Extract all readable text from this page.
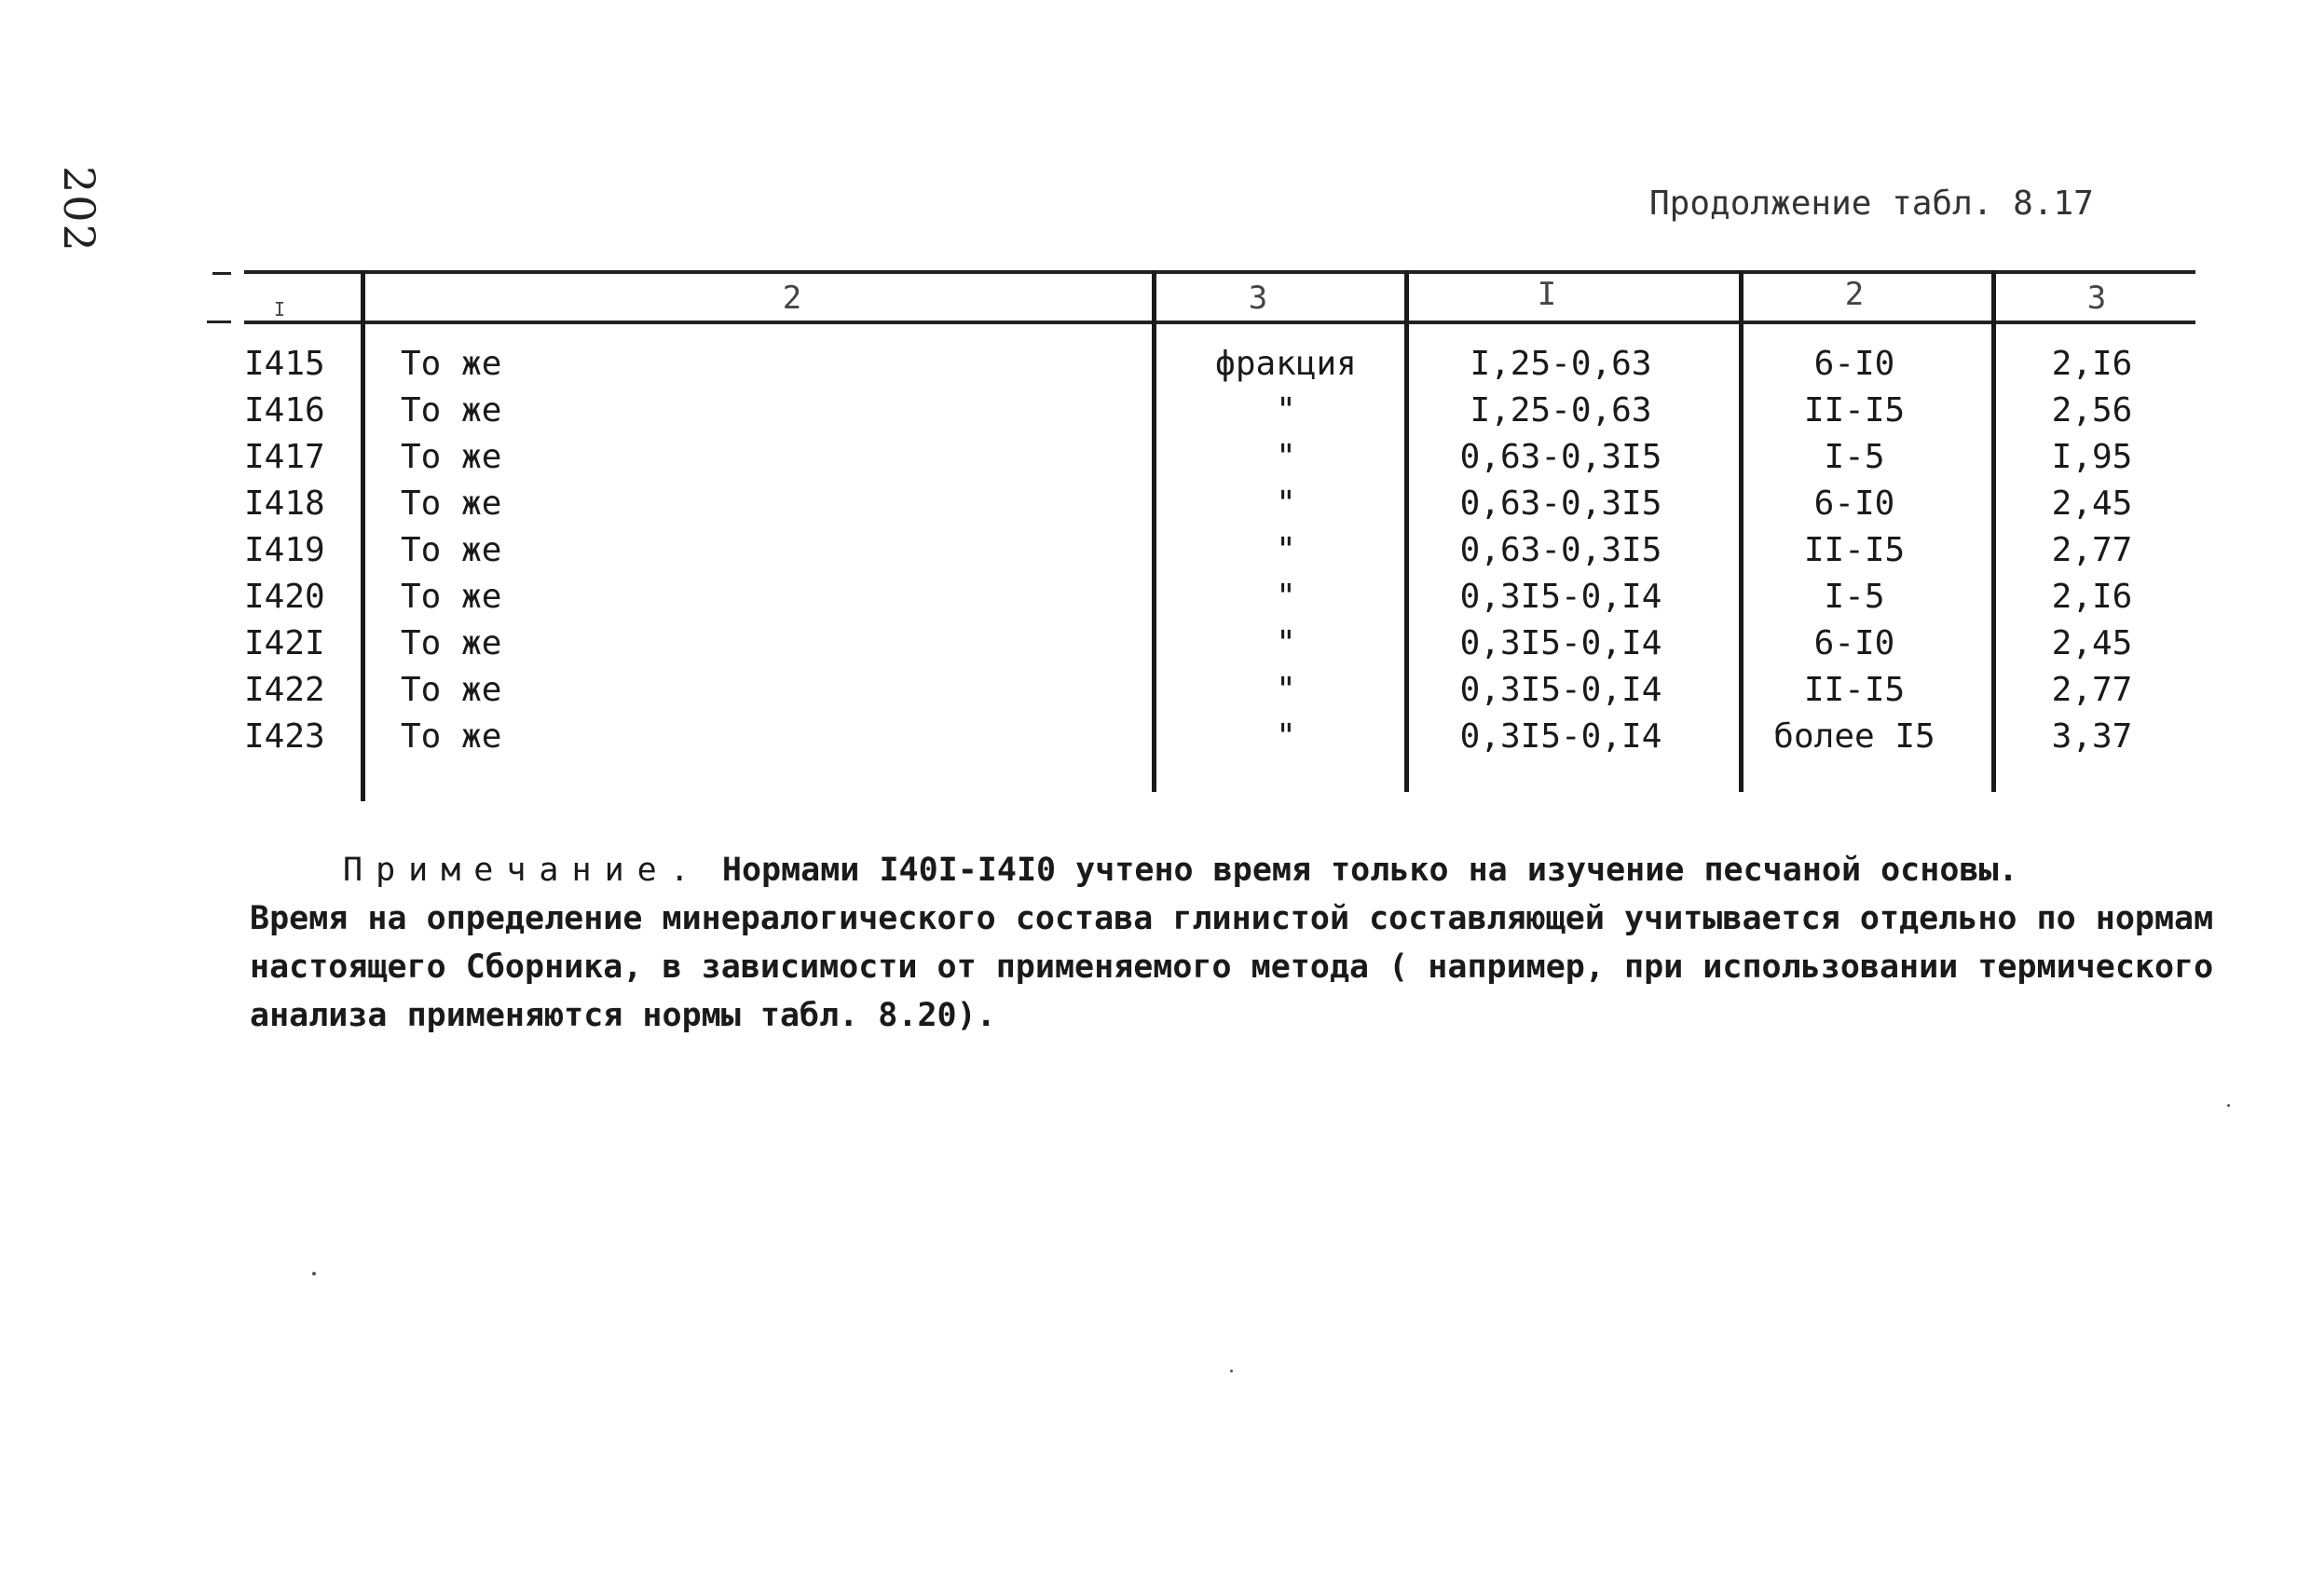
202	Продолжение табл. 8.17
I	2	3	I	2	3
I415	То же	фракция	I,25-0,63	6-I0	2,I6
I416	То же	"	I,25-0,63	II-I5	2,56
I417	То же	"	0,63-0,3I5	I-5	I,95
I418	То же	"	0,63-0,3I5	6-I0	2,45
I419	То же	"	0,63-0,3I5	II-I5	2,77
I420	То же	"	0,3I5-0,I4	I-5	2,I6
I42I	То же	"	0,3I5-0,I4	6-I0	2,45
I422	То же	"	0,3I5-0,I4	II-I5	2,77
I423	То же	"	0,3I5-0,I4	более I5	3,37
Примечание. Нормами I40I-I4I0 учтено время только на изучение песчаной основы.
Время на определение минералогического состава глинистой составляющей учитывается отдельно по нормам
настоящего Сборника, в зависимости от применяемого метода ( например, при использовании термического
анализа применяются нормы табл. 8.20).
